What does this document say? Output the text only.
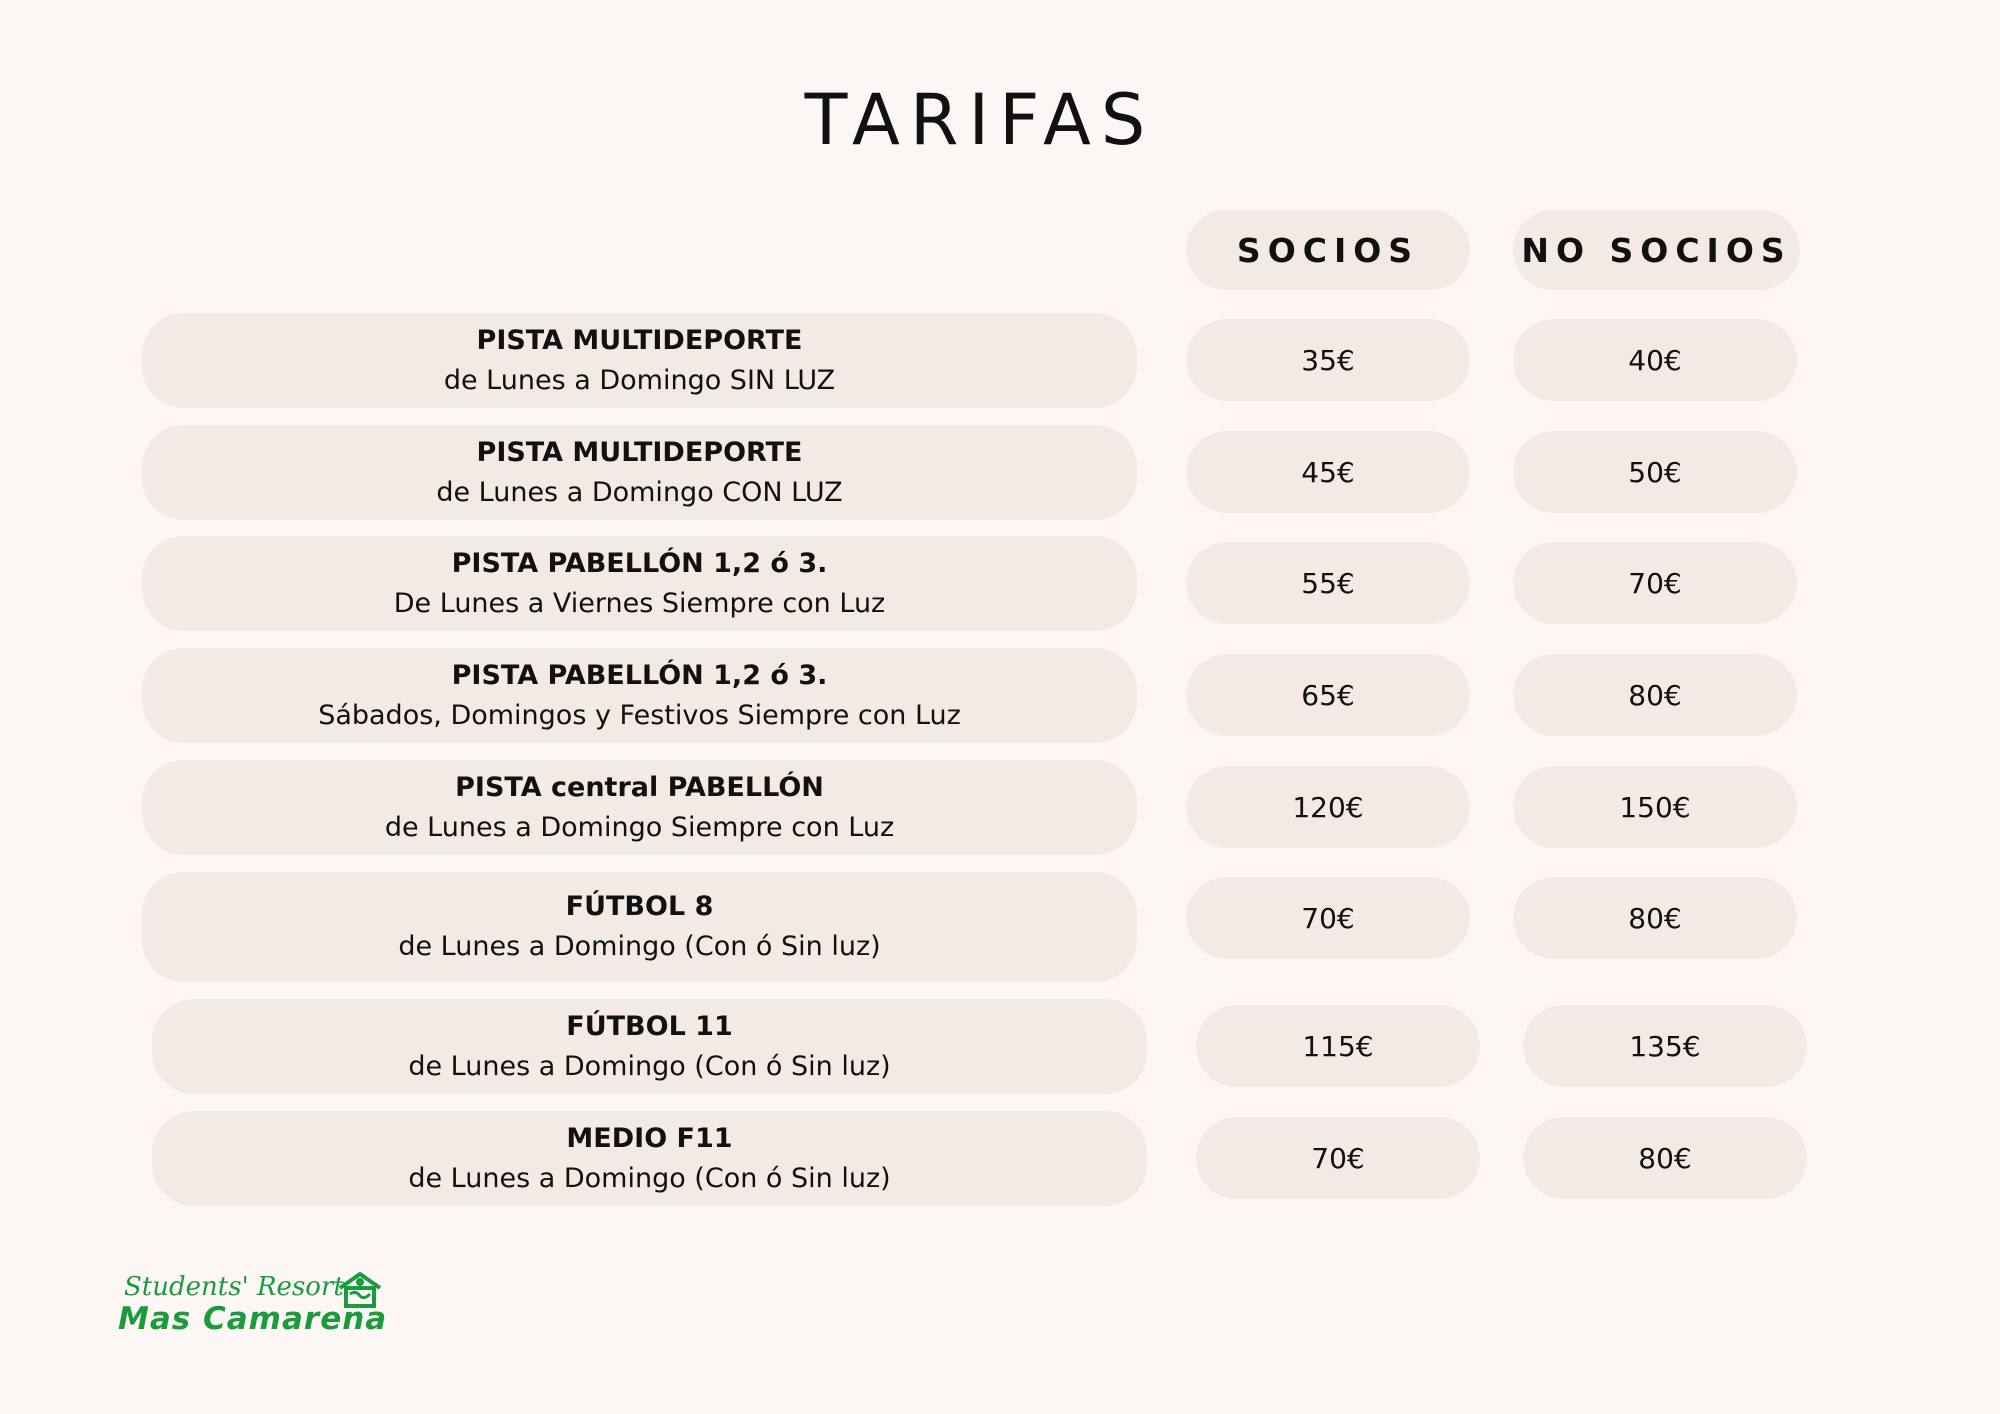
TARIFAS
SOCIOS	NO SOCIOS
PISTA MULTIDEPORTE
de Lunes a Domingo SIN LUZ
35€	40€
PISTA MULTIDEPORTE
de Lunes a Domingo CON LUZ
45€	50€
PISTA PABELLÓN 1,2 ó 3.
De Lunes a Viernes Siempre con Luz
55€	70€
PISTA PABELLÓN 1,2 ó 3.
Sábados, Domingos y Festivos Siempre con Luz
65€	80€
PISTA central PABELLÓN
de Lunes a Domingo Siempre con Luz
120€	150€
FÚTBOL 8
de Lunes a Domingo (Con ó Sin luz)
70€	80€
FÚTBOL 11
de Lunes a Domingo (Con ó Sin luz)
115€	135€
MEDIO F11
de Lunes a Domingo (Con ó Sin luz)
70€	80€
Students' Resort
Mas Camarena
